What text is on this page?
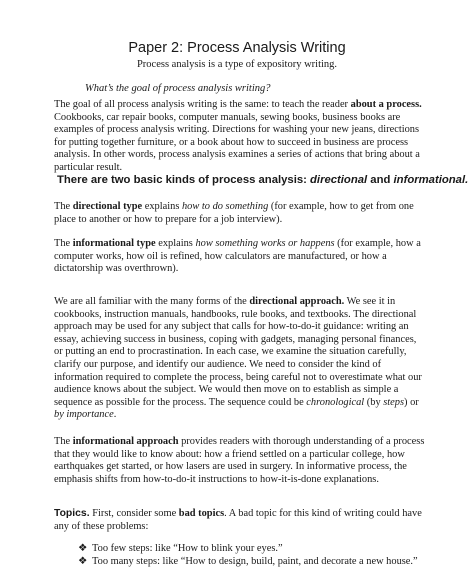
Paper 2: Process Analysis Writing

Process analysis is a type of expository writing.

What’s the goal of process analysis writing?

The goal of all process analysis writing is the same: to teach the reader about a process. Cookbooks, car repair books, computer manuals, sewing books, business books are examples of process analysis writing. Directions for washing your new jeans, directions for putting together furniture, or a book about how to succeed in business are process analysis. In other words, process analysis examines a series of actions that bring about a particular result.

There are two basic kinds of process analysis: directional and informational.

The directional type explains how to do something (for example, how to get from one place to another or how to prepare for a job interview).

The informational type explains how something works or happens (for example, how a computer works, how oil is refined, how calculators are manufactured, or how a dictatorship was overthrown).

We are all familiar with the many forms of the directional approach. We see it in cookbooks, instruction manuals, handbooks, rule books, and textbooks. The directional approach may be used for any subject that calls for how-to-do-it guidance: writing an essay, achieving success in business, coping with gadgets, managing personal finances, or putting an end to procrastination. In each case, we examine the situation carefully, clarify our purpose, and identify our audience. We need to consider the kind of information required to complete the process, being careful not to overestimate what our audience knows about the subject. We would then move on to establish as simple a sequence as possible for the process. The sequence could be chronological (by steps) or by importance.

The informational approach provides readers with thorough understanding of a process that they would like to know about: how a friend settled on a particular college, how earthquakes get started, or how lasers are used in surgery. In informative process, the emphasis shifts from how-to-do-it instructions to how-it-is-done explanations.

Topics. First, consider some bad topics. A bad topic for this kind of writing could have any of these problems:

❖ Too few steps: like “How to blink your eyes.”
❖ Too many steps: like “How to design, build, paint, and decorate a new house.”
